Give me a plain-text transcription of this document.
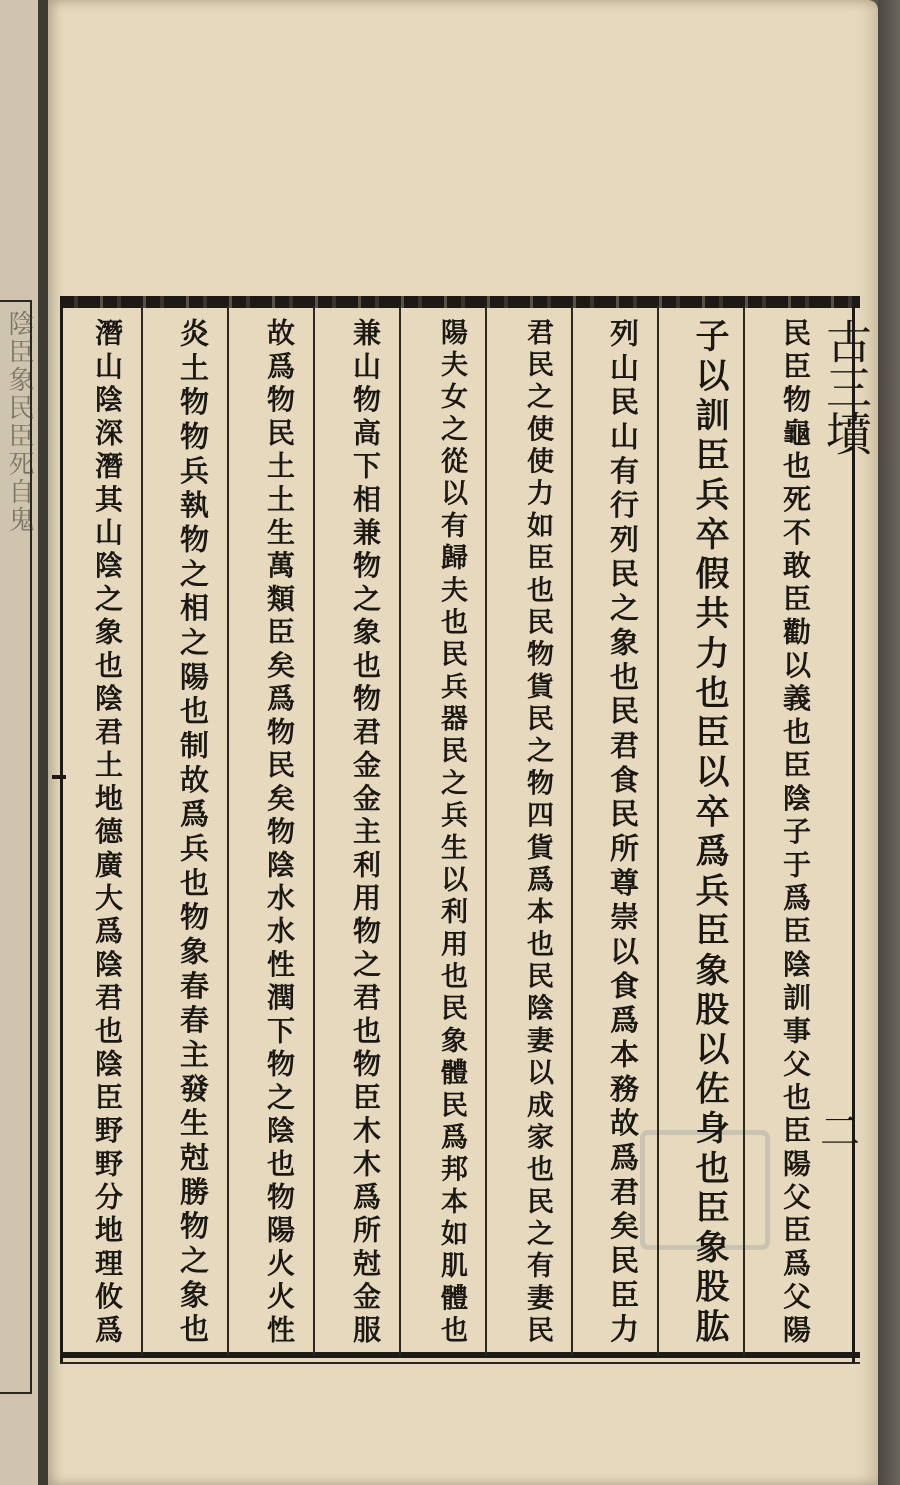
陰臣象民臣死自鬼	古三墳
二
民臣物龜也死不敢臣勸以義也臣陰子于爲臣陰訓事父也臣陽父臣爲父陽
子以訓臣兵卒假共力也臣以卒爲兵臣象股以佐身也臣象股肱
列山民山有行列民之象也民君食民所尊崇以食爲本務故爲君矣民臣力
君民之使使力如臣也民物貨民之物四貨爲本也民陰妻以成家也民之有妻民
陽夫女之從以有歸夫也民兵器民之兵生以利用也民象體民爲邦本如肌體也
兼山物高下相兼物之象也物君金金主利用物之君也物臣木木爲所尅金服
故爲物民土土生萬類臣矣爲物民矣物陰水水性潤下物之陰也物陽火火性
炎土物物兵執物之相之陽也制故爲兵也物象春春主發生尅勝物之象也
潛山陰深潛其山陰之象也陰君土地德廣大爲陰君也陰臣野野分地理攸爲
